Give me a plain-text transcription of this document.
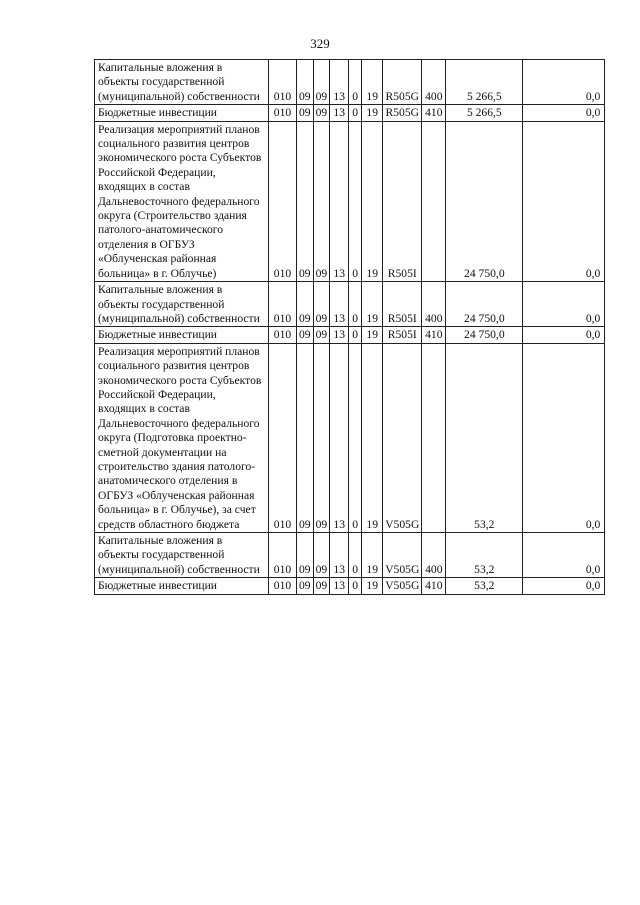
329
Капитальные вложения в объекты государственной (муниципальной) собственности	010	09	09	13	0	19	R505G	400	5 266,5	0,0
Бюджетные инвестиции	010	09	09	13	0	19	R505G	410	5 266,5	0,0
Реализация мероприятий планов социального развития центров экономического роста Субъектов Российской Федерации, входящих в состав Дальневосточного федерального округа (Строительство здания патолого-анатомического отделения в ОГБУЗ «Облученская районная больница» в г. Облучье)	010	09	09	13	0	19	R505I		24 750,0	0,0
Капитальные вложения в объекты государственной (муниципальной) собственности	010	09	09	13	0	19	R505I	400	24 750,0	0,0
Бюджетные инвестиции	010	09	09	13	0	19	R505I	410	24 750,0	0,0
Реализация мероприятий планов социального развития центров экономического роста Субъектов Российской Федерации, входящих в состав Дальневосточного федерального округа (Подготовка проектно-сметной документации на строительство здания патолого-анатомического отделения в ОГБУЗ «Облученская районная больница» в г. Облучье), за счет средств областного бюджета	010	09	09	13	0	19	V505G		53,2	0,0
Капитальные вложения в объекты государственной (муниципальной) собственности	010	09	09	13	0	19	V505G	400	53,2	0,0
Бюджетные инвестиции	010	09	09	13	0	19	V505G	410	53,2	0,0
